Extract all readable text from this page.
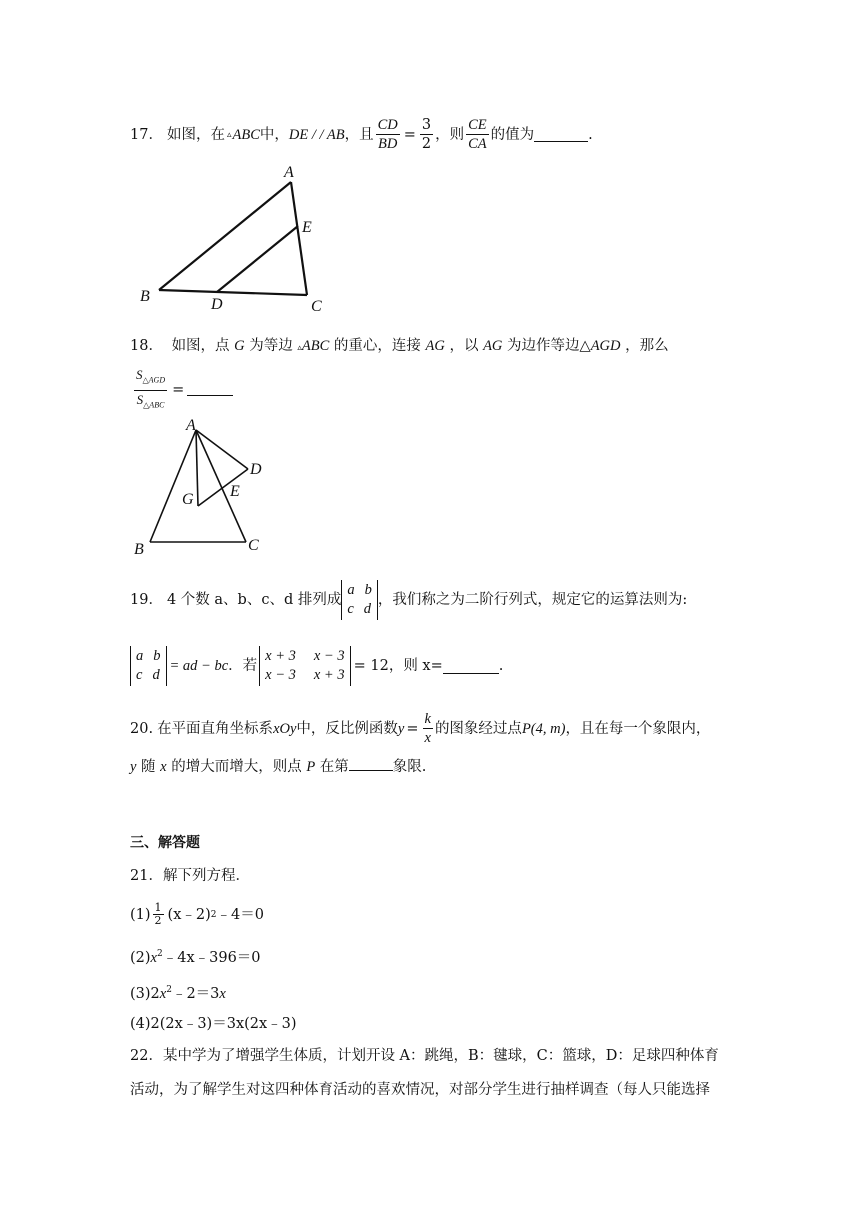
17． 如图，在 ▵ ABC 中， DE / / AB ，且 $\frac{CD}{BD} = \frac{3}{2}$ ，则 $\frac{CE}{CA}$ 的值为	.
A
E
B	D	C
18． 如图，点 G 为等边 ▵ABC 的重心，连接 AG ，以 AG 为边作等边△AGD ，那么
$\frac{S_{\triangle AGD}}{S_{\triangle ABC}}$ =
A
D
E
G
B	C
19． 4 个数 a、b、c、d 排列成
a b
c d
，我们称之为二阶行列式，规定它的运算法则为:
a b
c d
= ad − bc ．若
x + 3 x − 3
x − 3 x + 3
= 12 ，则 x=	.
20. 在平面直角坐标系 xOy 中，反比例函数 $y = \frac{k}{x}$ 的图象经过点 P(4, m) ，且在每一个象限内，
y 随 x 的增大而增大，则点 P 在第	象限.
三、解答题
21．解下列方程．
$(1) \frac{1}{2}$ (x﹣2) 2 ﹣4＝0
$(2)x^2﹣4x﹣396=0$
$(3)2x^2﹣2=3x$
(4)2(2x﹣3)＝3x(2x﹣3)
22．某中学为了增强学生体质，计划开设 A：跳绳，B：毽球，C：篮球，D：足球四种体育
活动，为了解学生对这四种体育活动的喜欢情况，对部分学生进行抽样调查（每人只能选择
